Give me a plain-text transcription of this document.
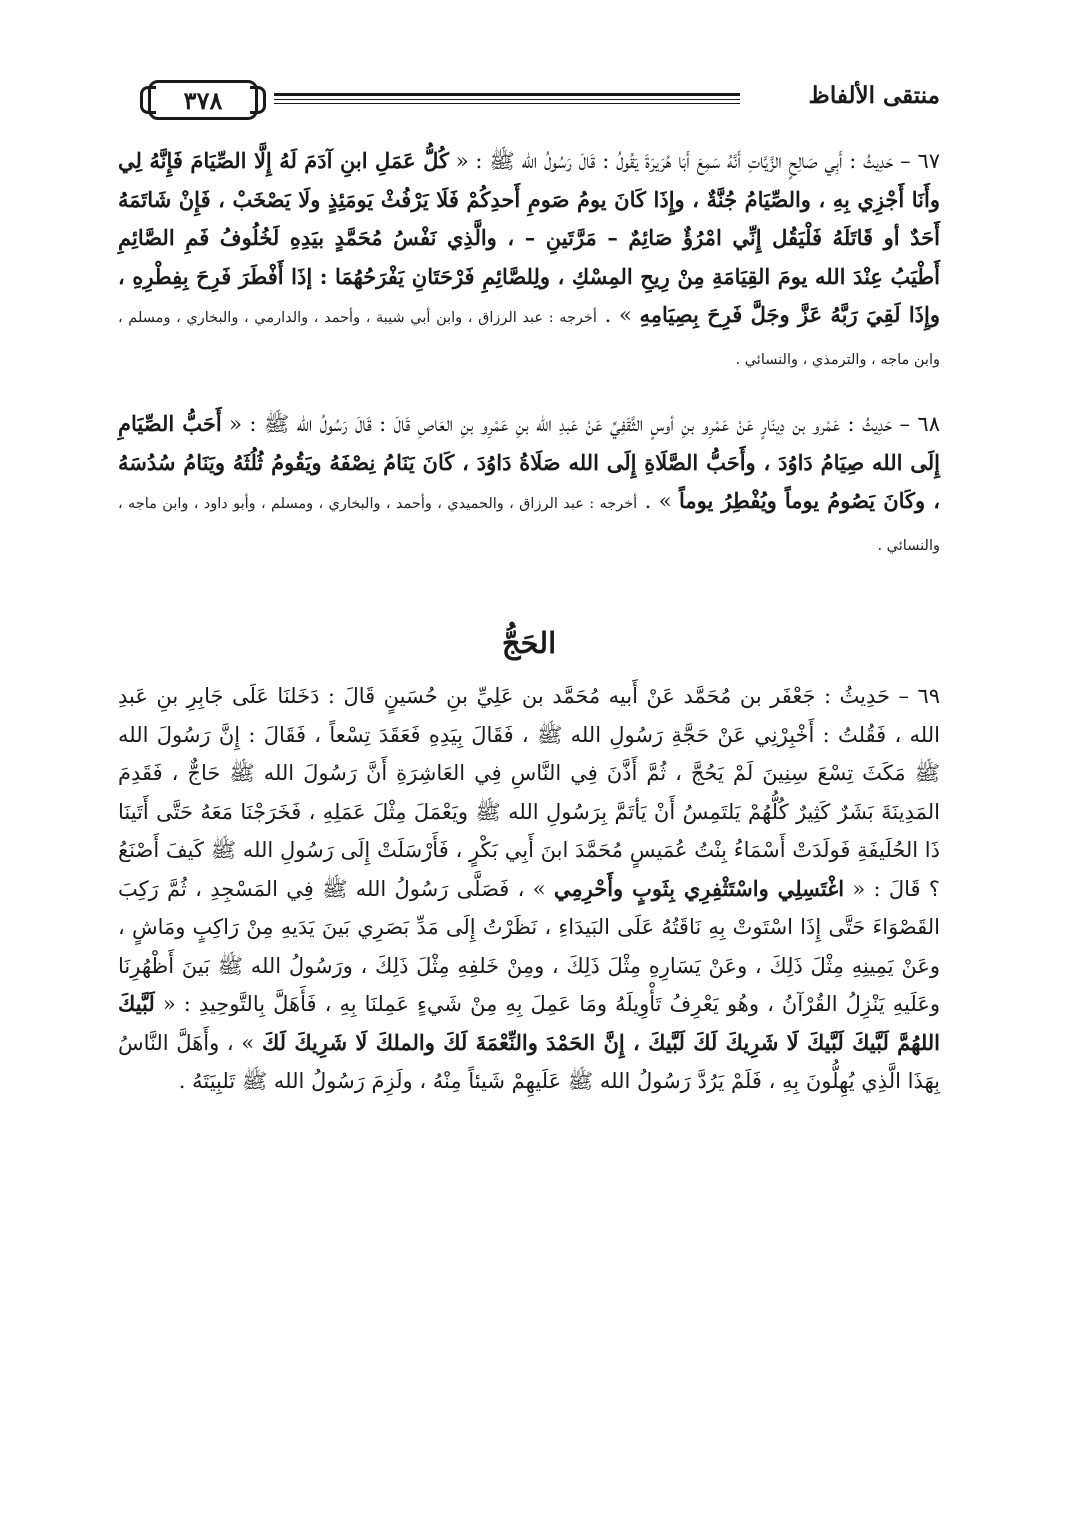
٣٧٨	منتقى الألفاظ

٦٧ – حَدِيثُ : أَبِي صَالِحٍ الزَّيَّاتِ أَنَّهُ سَمِعَ أَبَا هُرَيرَةَ يَقُولُ : قَالَ رَسُولُ الله ﷺ : « كُلُّ عَمَلِ ابنِ آدَمَ لَهُ إِلَّا الصِّيَامَ فَإِنَّهُ لِي وأَنَا أَجْزِي بِهِ ، والصِّيَامُ جُنَّةٌ ، وإِذَا كَانَ يومُ صَومِ أَحدِكُمْ فَلَا يَرْفُثْ يَومَئِذٍ ولَا يَصْخَبْ ، فَإِنْ شَاتَمَهُ أَحَدٌ أو قَاتَلَهُ فَلْيَقُل إِنِّي امْرُؤٌ صَائِمٌ – مَرَّتَينِ – ، والَّذِي نَفْسُ مُحَمَّدٍ بيَدِهِ لَخُلُوفُ فَمِ الصَّائِمِ أَطْيَبُ عِنْدَ الله يومَ القِيَامَةِ مِنْ رِيحِ المِسْكِ ، ولِلصَّائِمِ فَرْحَتَانِ يَفْرَحُهُمَا : إذَا أَفْطَرَ فَرِحَ بِفِطْرِهِ ، وإِذَا لَقِيَ رَبَّهُ عَزَّ وجَلَّ فَرِحَ بِصِيَامِهِ » . أخرجه : عبد الرزاق ، وابن أبي شيبة ، وأحمد ، والدارمي ، والبخاري ، ومسلم ، وابن ماجه ، والترمذي ، والنسائي .

٦٨ – حَدِيثُ : عَمْرو بن دِينَارٍ عَنْ عَمْرِو بنِ أوسٍ الثَّقَفِيِّ عَنْ عَبدِ الله بنِ عَمْرِو بنِ العَاصِ قَالَ : قَالَ رَسُولُ الله ﷺ : « أَحَبُّ الصِّيَامِ إِلَى الله صِيَامُ دَاوُدَ ، وأَحَبُّ الصَّلَاةِ إِلَى الله صَلَاةُ دَاوُدَ ، كَانَ يَنَامُ نِصْفَهُ ويَقُومُ ثُلُثَهُ ويَنَامُ سُدُسَهُ ، وكَانَ يَصُومُ يوماً ويُفْطِرُ يوماً » . أخرجه : عبد الرزاق ، والحميدي ، وأحمد ، والبخاري ، ومسلم ، وأبو داود ، وابن ماجه ، والنسائي .

الحَجُّ

٦٩ – حَدِيثُ : جَعْفَر بن مُحَمَّد عَنْ أَبيه مُحَمَّد بن عَلِيِّ بنِ حُسَينٍ قَالَ : دَخَلنَا عَلَى جَابِرِ بنِ عَبدِ الله ، فَقُلتُ : أَخْبِرْنِي عَنْ حَجَّةِ رَسُولِ الله ﷺ ، فَقَالَ بِيَدِهِ فَعَقَدَ تِسْعاً ، فَقَالَ : إِنَّ رَسُولَ الله ﷺ مَكَثَ تِسْعَ سِنِينَ لَمْ يَحُجَّ ، ثُمَّ أَذَّنَ فِي النَّاسِ فِي العَاشِرَةِ أَنَّ رَسُولَ الله ﷺ حَاجٌّ ، فَقَدِمَ المَدِينَةَ بَشَرٌ كَثِيرٌ كُلُّهُمْ يَلتَمِسُ أَنْ يَأتَمَّ بِرَسُولِ الله ﷺ ويَعْمَلَ مِثْلَ عَمَلِهِ ، فَخَرَجْنَا مَعَهُ حَتَّى أَتَينَا ذَا الحُلَيفَةِ فَولَدَتْ أَسْمَاءُ بِنْتُ عُمَيسٍ مُحَمَّدَ ابنَ أَبِي بَكْرٍ ، فَأَرْسَلَتْ إِلَى رَسُولِ الله ﷺ كَيفَ أَصْنَعُ ؟ قَالَ : « اغْتَسِلِي واسْتَثْفِرِي بِثَوبٍ وأَحْرِمِي » ، فَصَلَّى رَسُولُ الله ﷺ فِي المَسْجِدِ ، ثُمَّ رَكِبَ القَصْوَاءَ حَتَّى إِذَا اسْتَوتْ بِهِ نَاقَتُهُ عَلَى البَيدَاءِ ، نَظَرْتُ إِلَى مَدِّ بَصَرِي بَينَ يَدَيهِ مِنْ رَاكِبٍ ومَاشٍ ، وعَنْ يَمِينِهِ مِثْلَ ذَلِكَ ، وعَنْ يَسَارِهِ مِثْلَ ذَلِكَ ، ومِنْ خَلفِهِ مِثْلَ ذَلِكَ ، ورَسُولُ الله ﷺ بَينَ أَظْهُرِنَا وعَلَيهِ يَنْزِلُ القُرْآنُ ، وهُو يَعْرِفُ تَأْوِيلَهُ ومَا عَمِلَ بِهِ مِنْ شَيءٍ عَمِلنَا بِهِ ، فَأَهَلَّ بِالتَّوحِيدِ : « لَبَّيكَ اللهُمَّ لَبَّيكَ لَبَّيكَ لَا شَرِيكَ لَكَ لَبَّيكَ ، إِنَّ الحَمْدَ والنِّعْمَةَ لَكَ والملكَ لَا شَرِيكَ لَكَ » ، وأَهَلَّ النَّاسُ بِهَذَا الَّذِي يُهِلُّونَ بِهِ ، فَلَمْ يَرُدَّ رَسُولُ الله ﷺ عَلَيهِمْ شَيئاً مِنْهُ ، ولَزِمَ رَسُولُ الله ﷺ تَلبِيَتَهُ .
